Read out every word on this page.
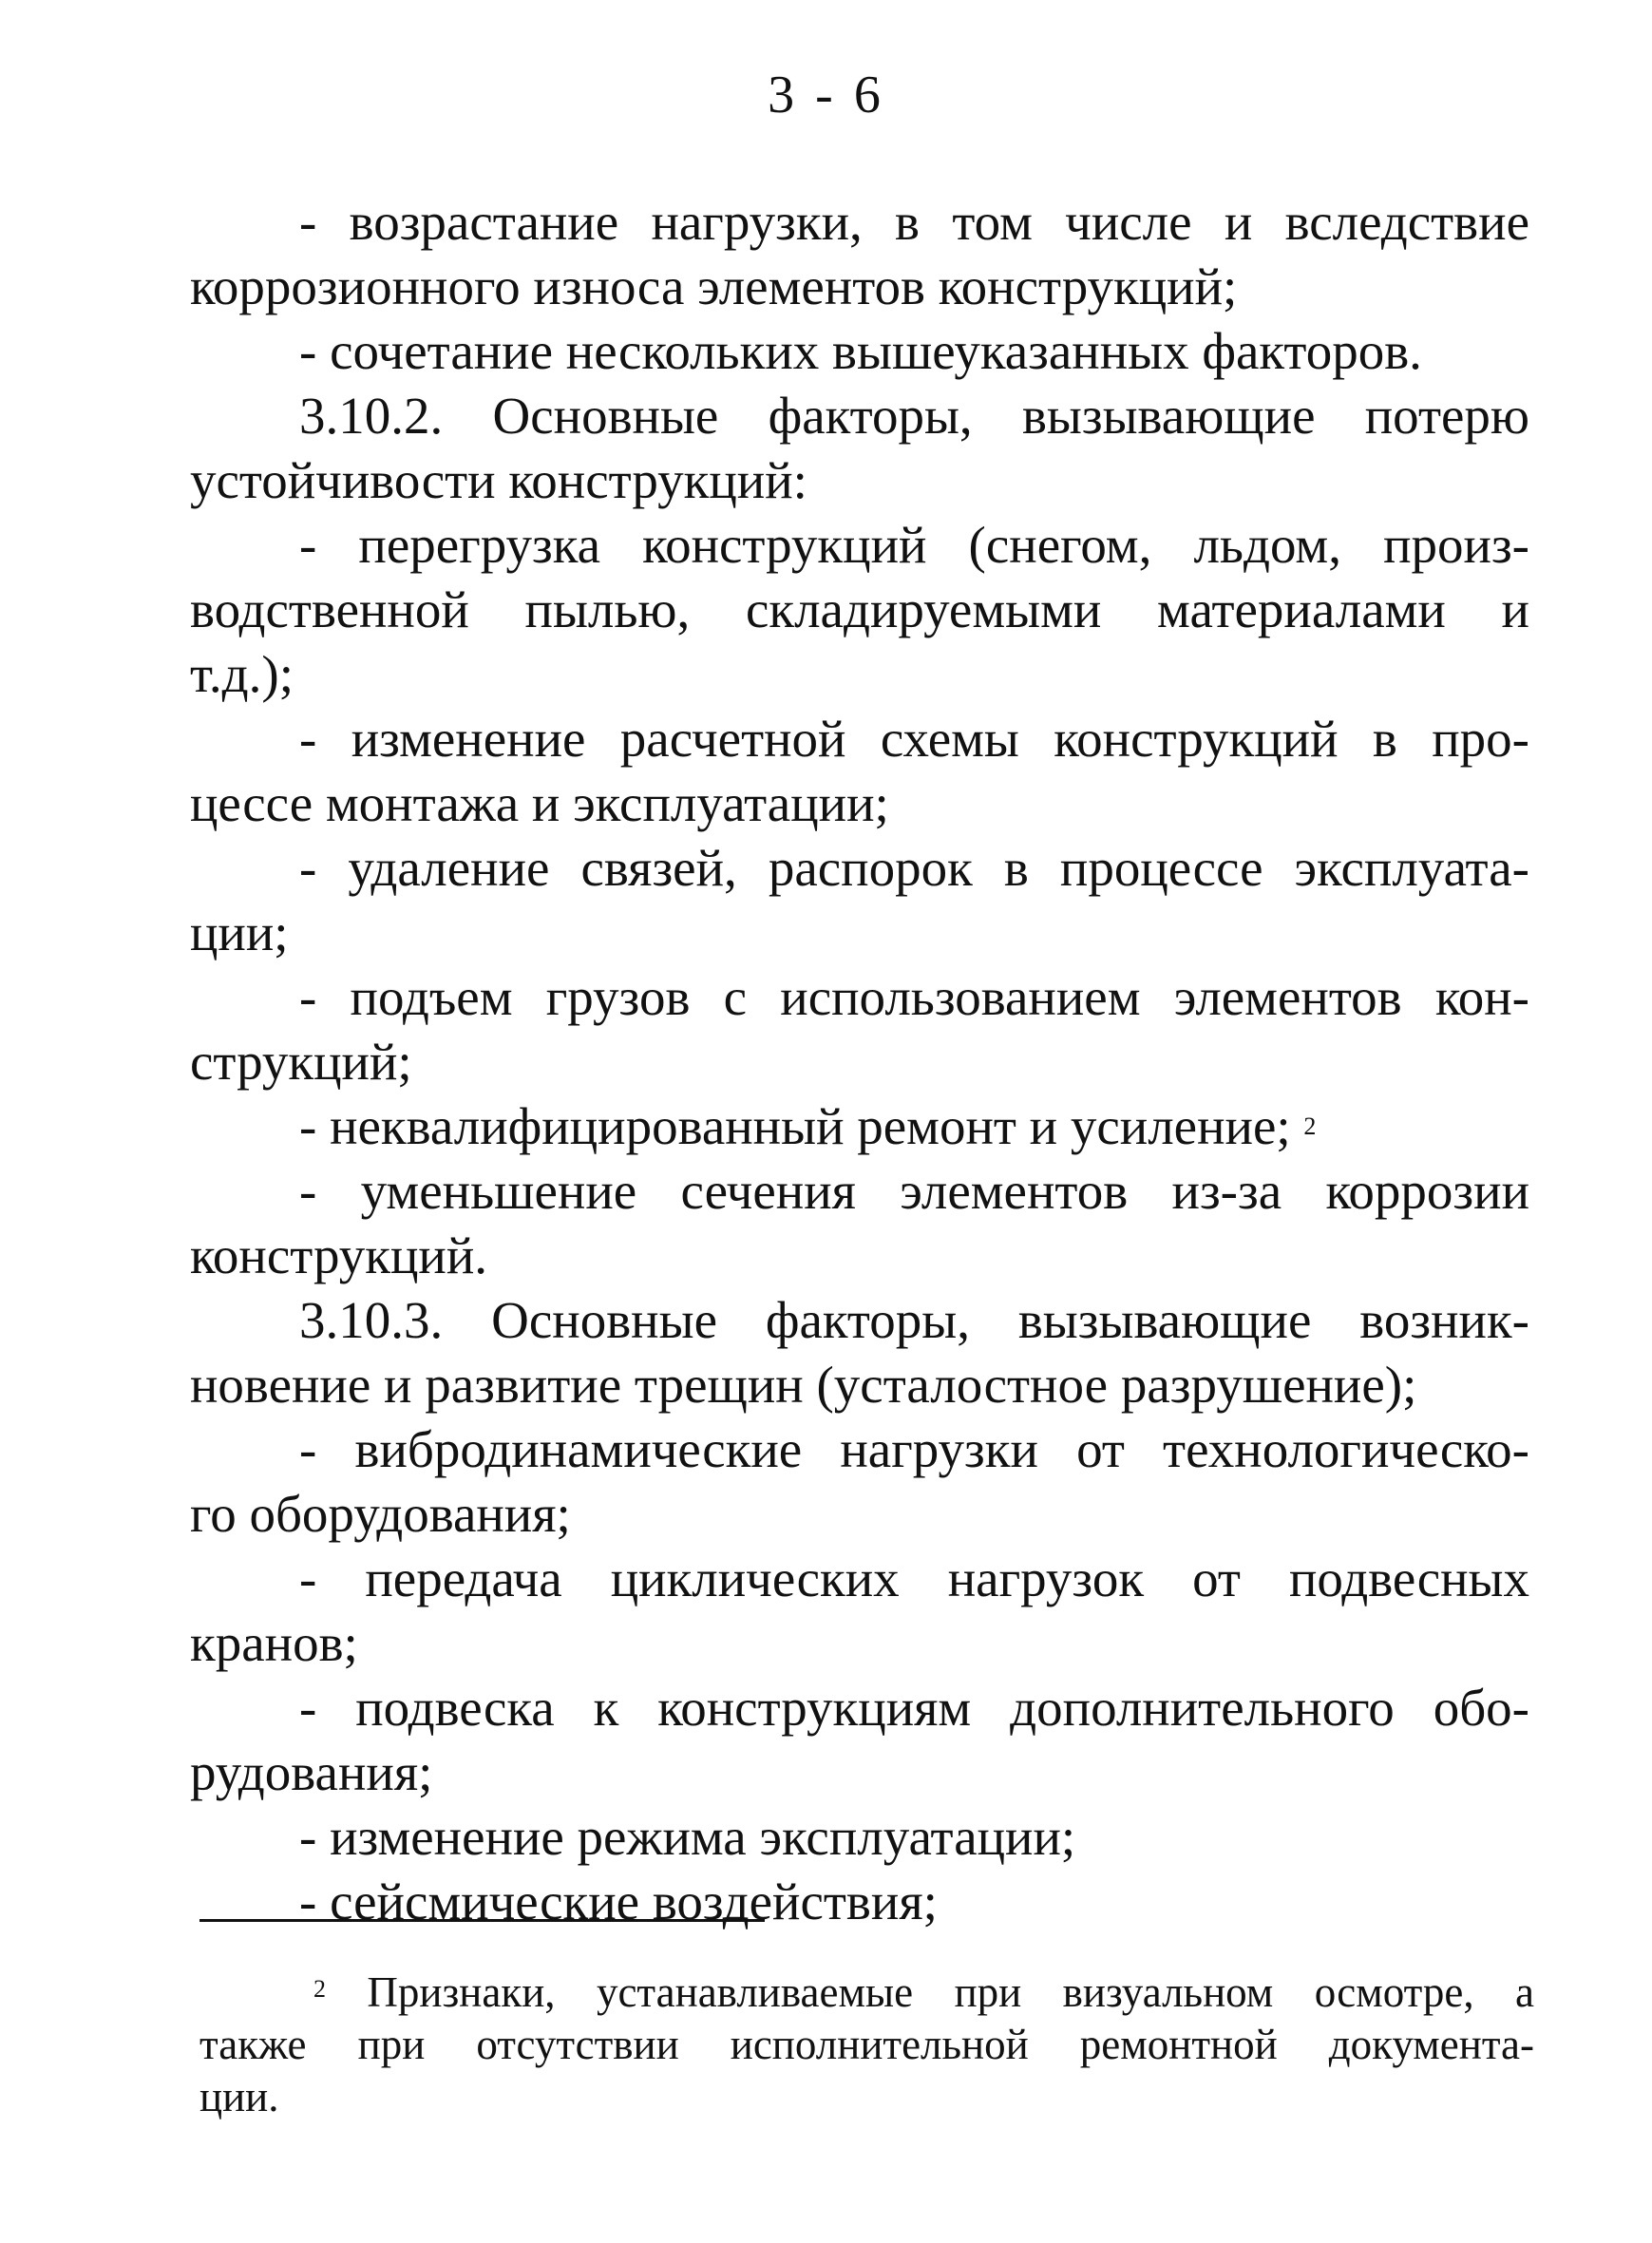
3 - 6
- возрастание нагрузки, в том числе и вследствие
коррозионного износа элементов конструкций;
- сочетание нескольких вышеуказанных факторов.
3.10.2. Основные факторы, вызывающие потерю
устойчивости конструкций:
- перегрузка конструкций (снегом, льдом, произ-
водственной пылью, складируемыми материалами и
т.д.);
- изменение расчетной схемы конструкций в про-
цессе монтажа и эксплуатации;
- удаление связей, распорок в процессе эксплуата-
ции;
- подъем грузов с использованием элементов кон-
струкций;
- неквалифицированный ремонт и усиление; $^2$
- уменьшение сечения элементов из-за коррозии
конструкций.
3.10.3. Основные факторы, вызывающие возник-
новение и развитие трещин (усталостное разрушение);
- вибродинамические нагрузки от технологическо-
го оборудования;
- передача циклических нагрузок от подвесных
кранов;
- подвеска к конструкциям дополнительного обо-
рудования;
- изменение режима эксплуатации;
- сейсмические воздействия;
$^2$ Признаки, устанавливаемые при визуальном осмотре, а
также при отсутствии исполнительной ремонтной документа-
ции.
